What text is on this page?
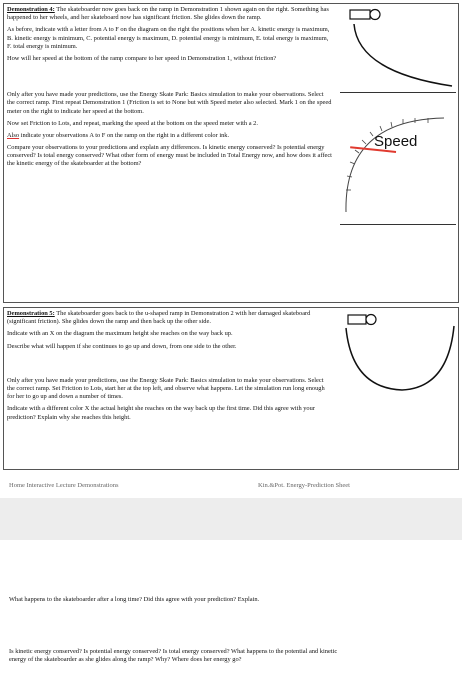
Demonstration 4: The skateboarder now goes back on the ramp in Demonstration 1 shown again on the right. Something has happened to her wheels, and her skateboard now has significant friction. She glides down the ramp.

As before, indicate with a letter from A to F on the diagram on the right the positions when her A. kinetic energy is maximum, B. kinetic energy is minimum, C. potential energy is maximum, D. potential energy is minimum, E. total energy is maximum, F. total energy is minimum.

How will her speed at the bottom of the ramp compare to her speed in Demonstration 1, without friction?

Only after you have made your predictions, use the Energy Skate Park: Basics simulation to make your observations. Select the correct ramp. First repeat Demonstration 1 (Friction is set to None but with Speed meter also selected. Mark 1 on the speed meter on the right to indicate her speed at the bottom.

Now set Friction to Lots, and repeat, marking the speed at the bottom on the speed meter with a 2.

Also indicate your observations A to F on the ramp on the right in a different color ink.

Compare your observations to your predictions and explain any differences. Is kinetic energy conserved? Is potential energy conserved? Is total energy conserved? What other form of energy must be included in Total Energy now, and how does it affect the kinetic energy of the skateboarder at the bottom?

Speed

Demonstration 5: The skateboarder goes back to the u-shaped ramp in Demonstration 2 with her damaged skateboard (significant friction). She glides down the ramp and then back up the other side.

Indicate with an X on the diagram the maximum height she reaches on the way back up.

Describe what will happen if she continues to go up and down, from one side to the other.

Only after you have made your predictions, use the Energy Skate Park: Basics simulation to make your observations. Select the correct ramp. Set Friction to Lots, start her at the top left, and observe what happens. Let the simulation run long enough for her to go up and down a number of times.

Indicate with a different color X the actual height she reaches on the way back up the first time. Did this agree with your prediction? Explain why she reaches this height.

Home Interactive Lecture Demonstrations	Kin.&Pot. Energy-Prediction Sheet

What happens to the skateboarder after a long time? Did this agree with your prediction? Explain.

Is kinetic energy conserved? Is potential energy conserved? Is total energy conserved? What happens to the potential and kinetic energy of the skateboarder as she glides along the ramp? Why? Where does her energy go?
